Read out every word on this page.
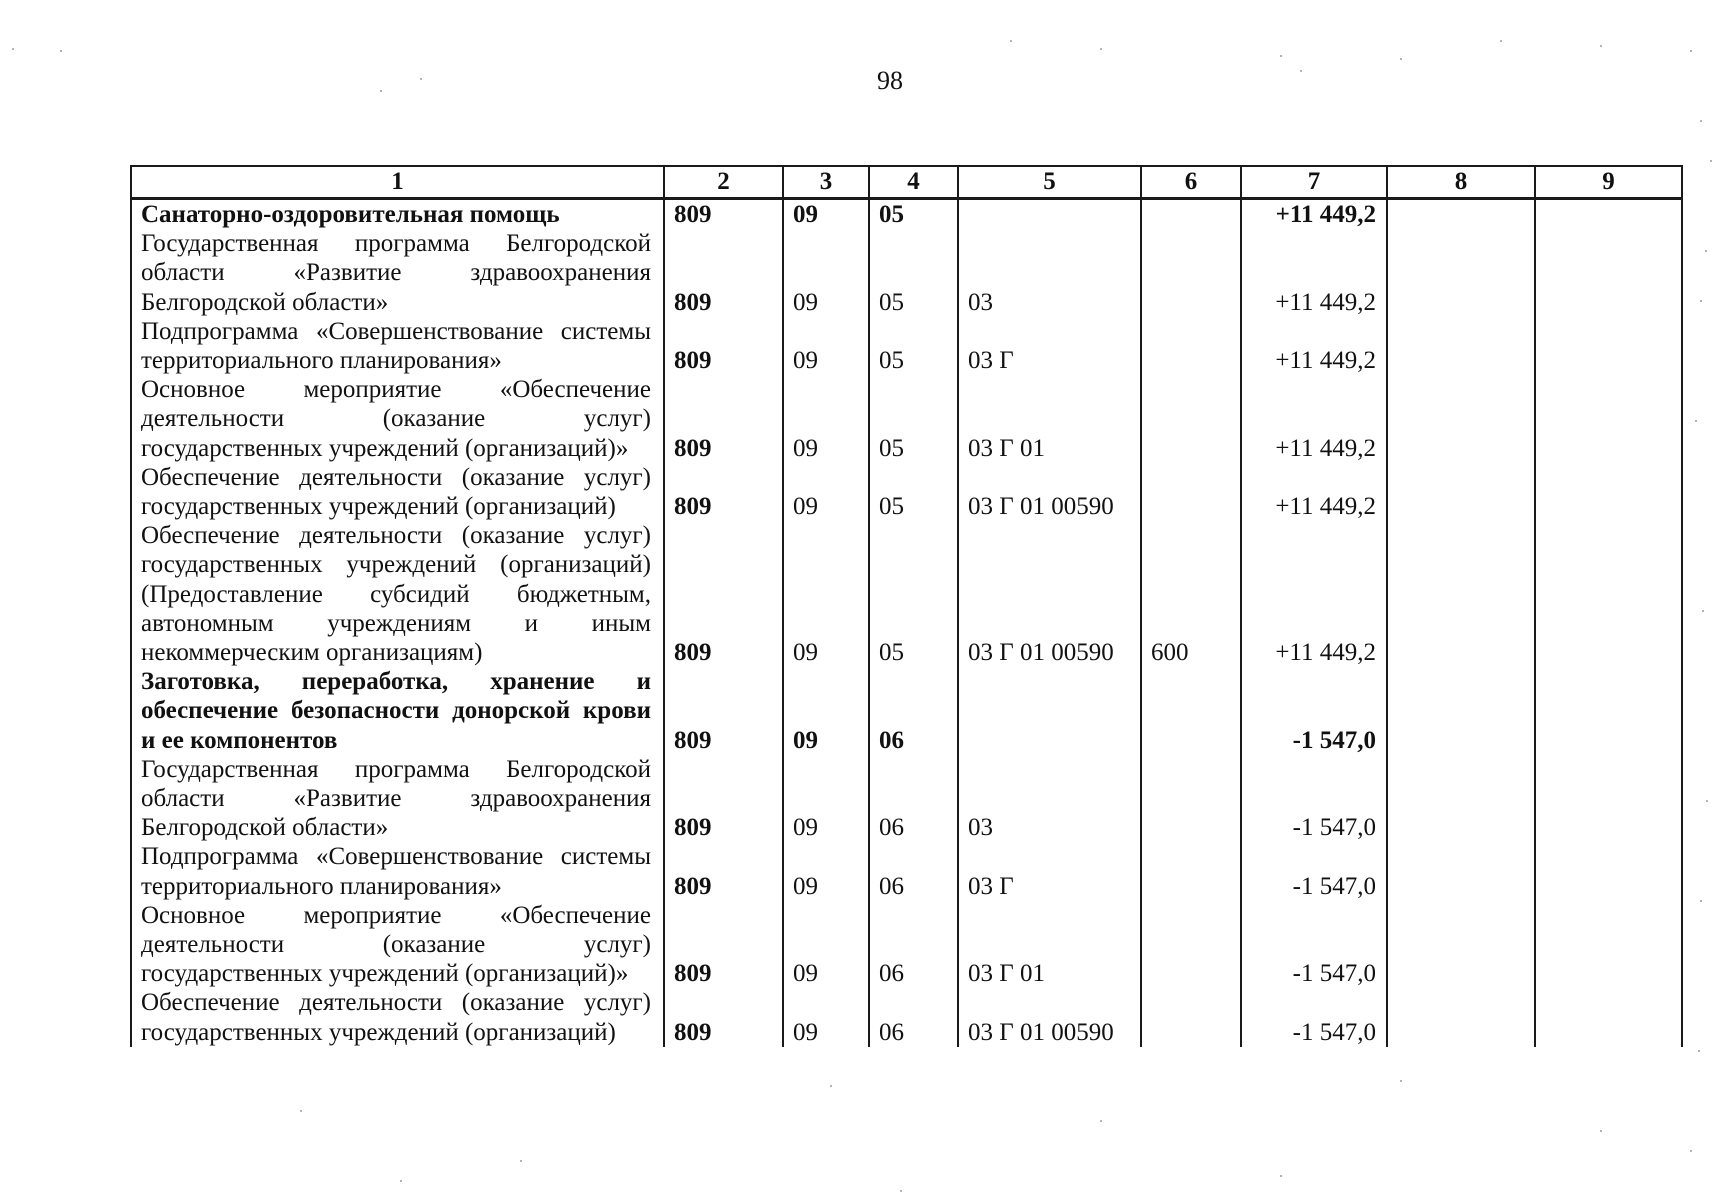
98
1	2	3	4	5	6	7	8	9
Санаторно-оздоровительная помощь	809	09	05			+11 449,2		
Государственная программа Белгородской области «Развитие здравоохранения Белгородской области»	809	09	05	03		+11 449,2		
Подпрограмма «Совершенствование системы территориального планирования»	809	09	05	03 Г		+11 449,2		
Основное мероприятие «Обеспечение деятельности (оказание услуг) государственных учреждений (организаций)»	809	09	05	03 Г 01		+11 449,2		
Обеспечение деятельности (оказание услуг) государственных учреждений (организаций)	809	09	05	03 Г 01 00590		+11 449,2		
Обеспечение деятельности (оказание услуг) государственных учреждений (организаций) (Предоставление субсидий бюджетным, автономным учреждениям и иным некоммерческим организациям)	809	09	05	03 Г 01 00590	600	+11 449,2		
Заготовка, переработка, хранение и обеспечение безопасности донорской крови и ее компонентов	809	09	06			-1 547,0		
Государственная программа Белгородской области «Развитие здравоохранения Белгородской области»	809	09	06	03		-1 547,0		
Подпрограмма «Совершенствование системы территориального планирования»	809	09	06	03 Г		-1 547,0		
Основное мероприятие «Обеспечение деятельности (оказание услуг) государственных учреждений (организаций)»	809	09	06	03 Г 01		-1 547,0		
Обеспечение деятельности (оказание услуг) государственных учреждений (организаций)	809	09	06	03 Г 01 00590		-1 547,0		
